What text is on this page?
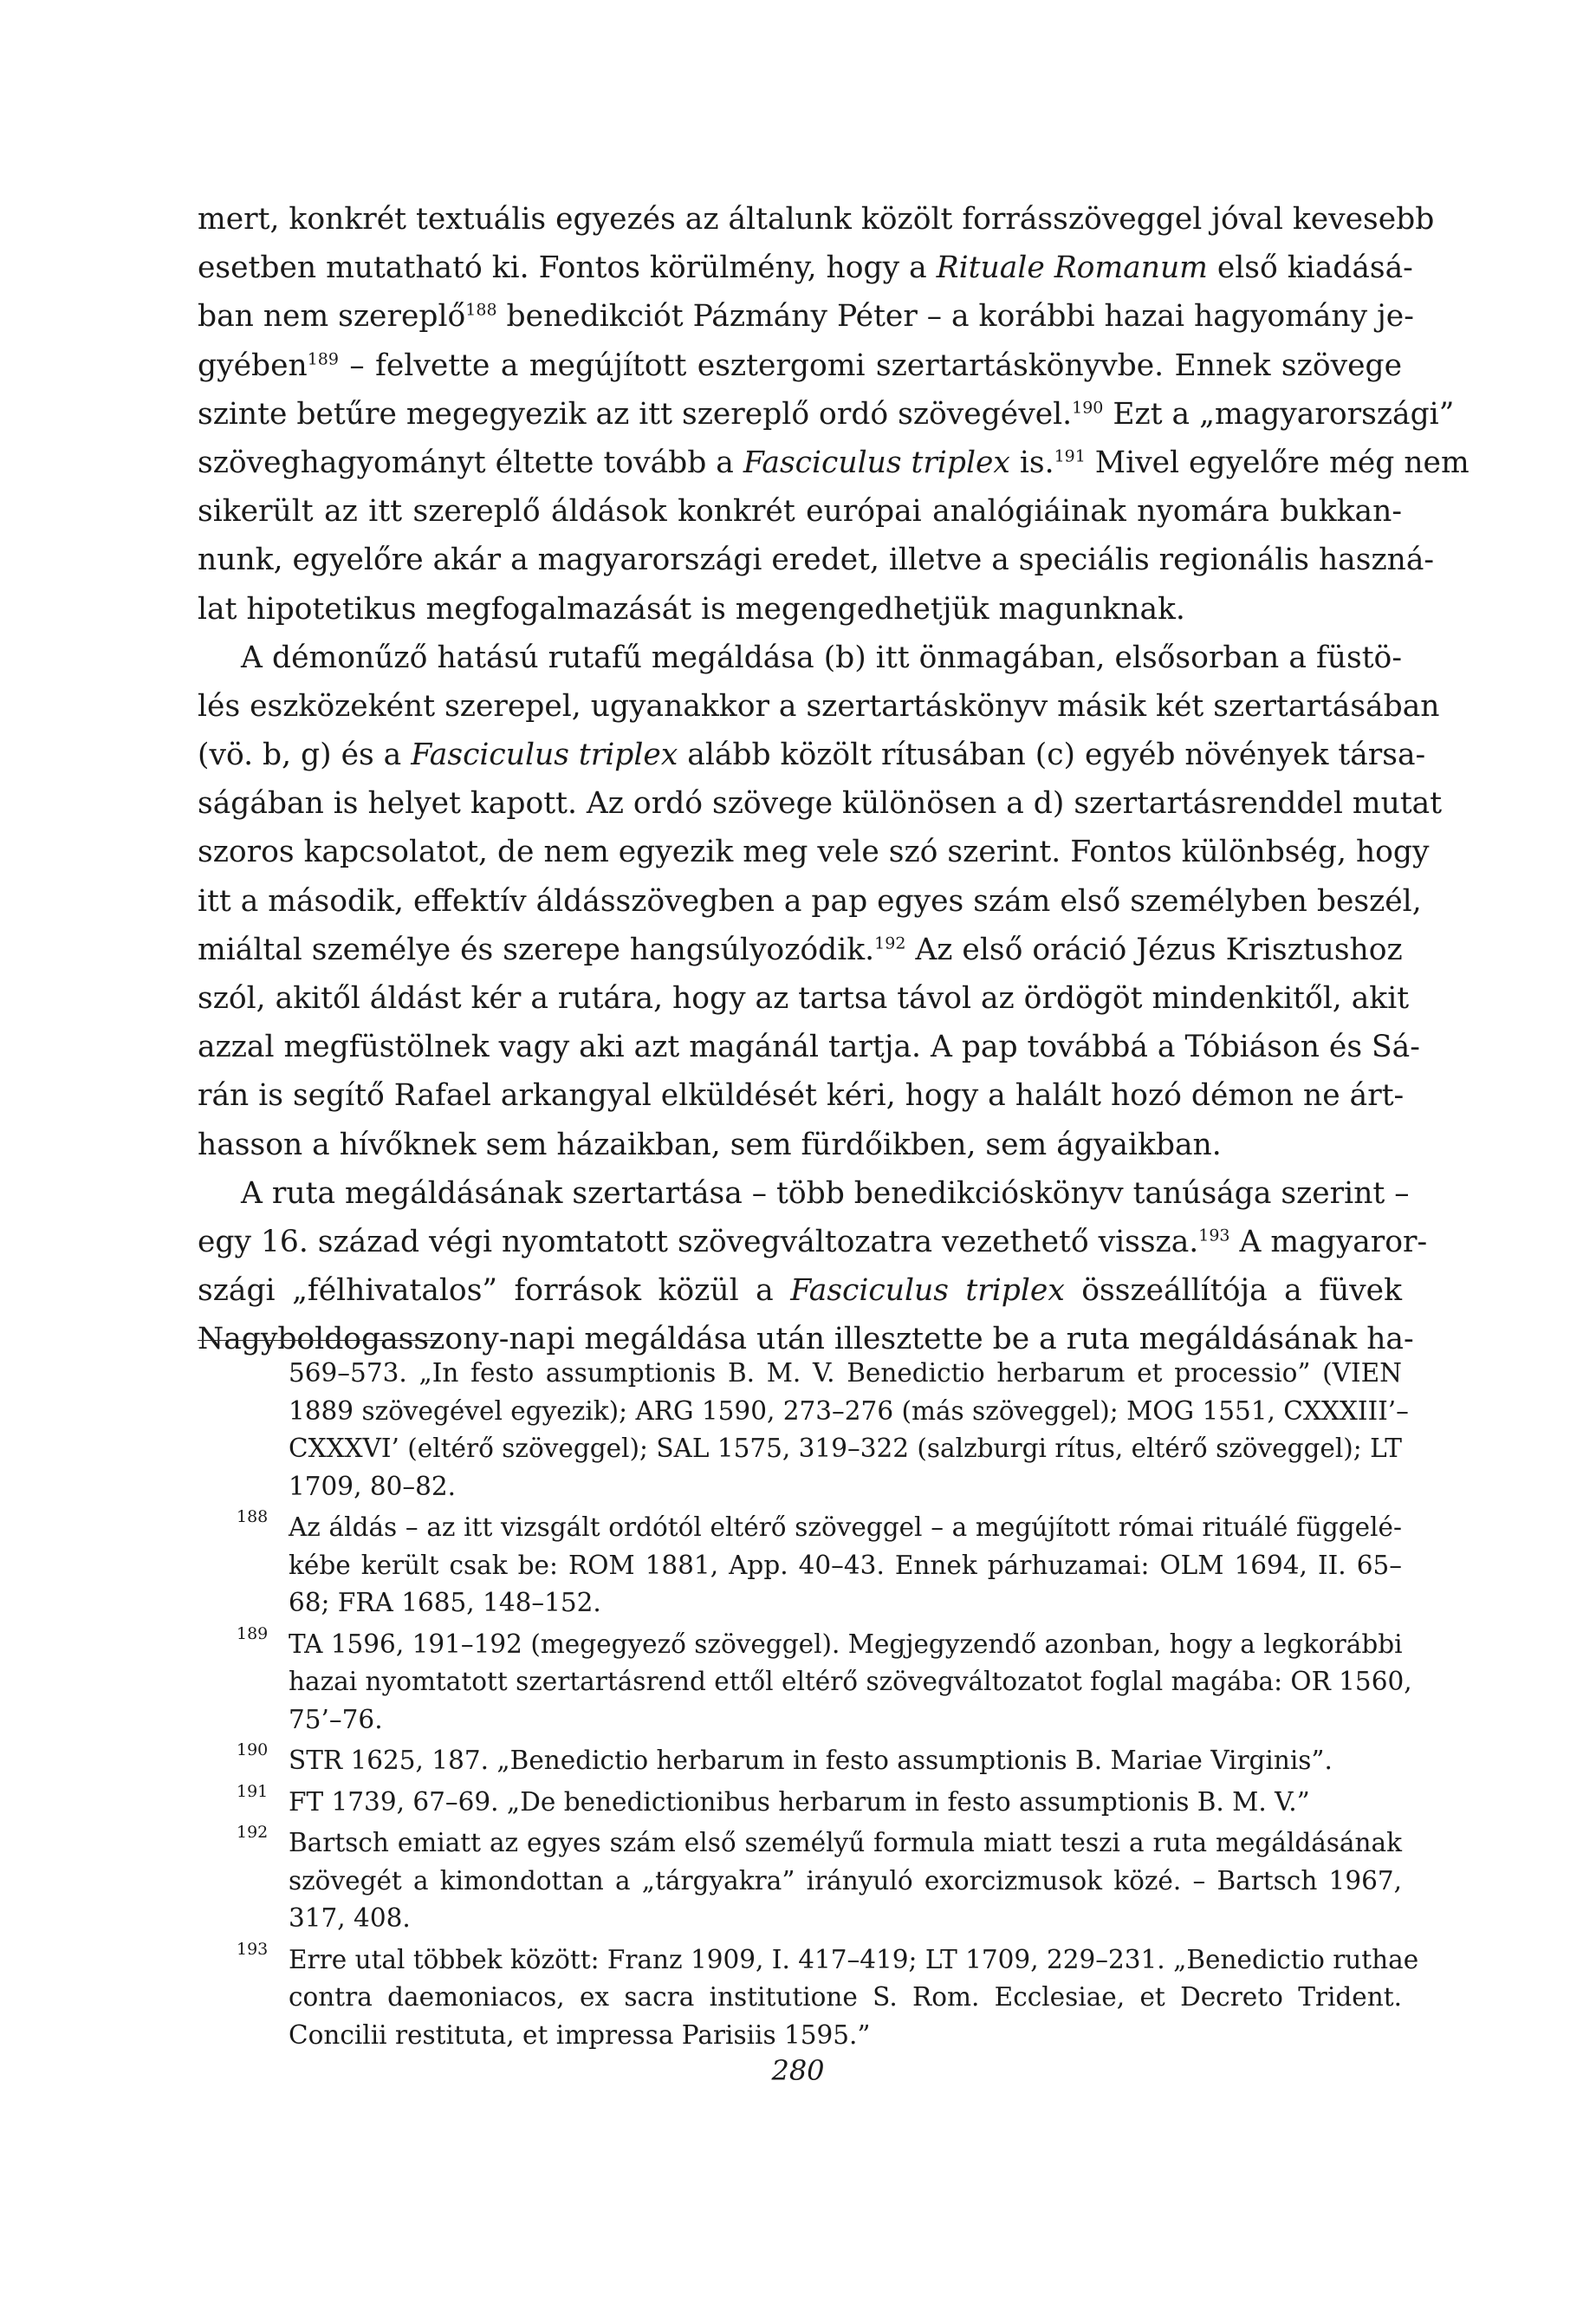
mert, konkrét textuális egyezés az általunk közölt forrásszöveggel jóval kevesebb
esetben mutatható ki. Fontos körülmény, hogy a Rituale Romanum első kiadásá-
ban nem szereplő$^{188}$ benedikciót Pázmány Péter – a korábbi hazai hagyomány je-
gyében$^{189}$ – felvette a megújított esztergomi szertartáskönyvbe. Ennek szövege
szinte betűre megegyezik az itt szereplő ordó szövegével.$^{190}$ Ezt a „magyarországi”
szöveghagyományt éltette tovább a Fasciculus triplex is.$^{191}$ Mivel egyelőre még nem
sikerült az itt szereplő áldások konkrét európai analógiáinak nyomára bukkan-
nunk, egyelőre akár a magyarországi eredet, illetve a speciális regionális haszná-
lat hipotetikus megfogalmazását is megengedhetjük magunknak.
A démonűző hatású rutafű megáldása (b) itt önmagában, elsősorban a füstö-
lés eszközeként szerepel, ugyanakkor a szertartáskönyv másik két szertartásában
(vö. b, g) és a Fasciculus triplex alább közölt rítusában (c) egyéb növények társa-
ságában is helyet kapott. Az ordó szövege különösen a d) szertartásrenddel mutat
szoros kapcsolatot, de nem egyezik meg vele szó szerint. Fontos különbség, hogy
itt a második, effektív áldásszövegben a pap egyes szám első személyben beszél,
miáltal személye és szerepe hangsúlyozódik.$^{192}$ Az első oráció Jézus Krisztushoz
szól, akitől áldást kér a rutára, hogy az tartsa távol az ördögöt mindenkitől, akit
azzal megfüstölnek vagy aki azt magánál tartja. A pap továbbá a Tóbiáson és Sá-
rán is segítő Rafael arkangyal elküldését kéri, hogy a halált hozó démon ne árt-
hasson a hívőknek sem házaikban, sem fürdőikben, sem ágyaikban.
A ruta megáldásának szertartása – több benedikcióskönyv tanúsága szerint –
egy 16. század végi nyomtatott szövegváltozatra vezethető vissza.$^{193}$ A magyaror-
szági „félhivatalos” források közül a Fasciculus triplex összeállítója a füvek
Nagyboldogasszony-napi megáldása után illesztette be a ruta megáldásának ha-
569–573. „In festo assumptionis B. M. V. Benedictio herbarum et processio” (VIEN
1889 szövegével egyezik); ARG 1590, 273–276 (más szöveggel); MOG 1551, CXXXIII’–
CXXXVI’ (eltérő szöveggel); SAL 1575, 319–322 (salzburgi rítus, eltérő szöveggel); LT
1709, 80–82.
188 Az áldás – az itt vizsgált ordótól eltérő szöveggel – a megújított római rituálé függelé-
kébe került csak be: ROM 1881, App. 40–43. Ennek párhuzamai: OLM 1694, II. 65–
68; FRA 1685, 148–152.
189 TA 1596, 191–192 (megegyező szöveggel). Megjegyzendő azonban, hogy a legkorábbi
hazai nyomtatott szertartásrend ettől eltérő szövegváltozatot foglal magába: OR 1560,
75’–76.
190 STR 1625, 187. „Benedictio herbarum in festo assumptionis B. Mariae Virginis”.
191 FT 1739, 67–69. „De benedictionibus herbarum in festo assumptionis B. M. V.”
192 Bartsch emiatt az egyes szám első személyű formula miatt teszi a ruta megáldásának
szövegét a kimondottan a „tárgyakra” irányuló exorcizmusok közé. – Bartsch 1967,
317, 408.
193 Erre utal többek között: Franz 1909, I. 417–419; LT 1709, 229–231. „Benedictio ruthae
contra daemoniacos, ex sacra institutione S. Rom. Ecclesiae, et Decreto Trident.
Concilii restituta, et impressa Parisiis 1595.”
280
